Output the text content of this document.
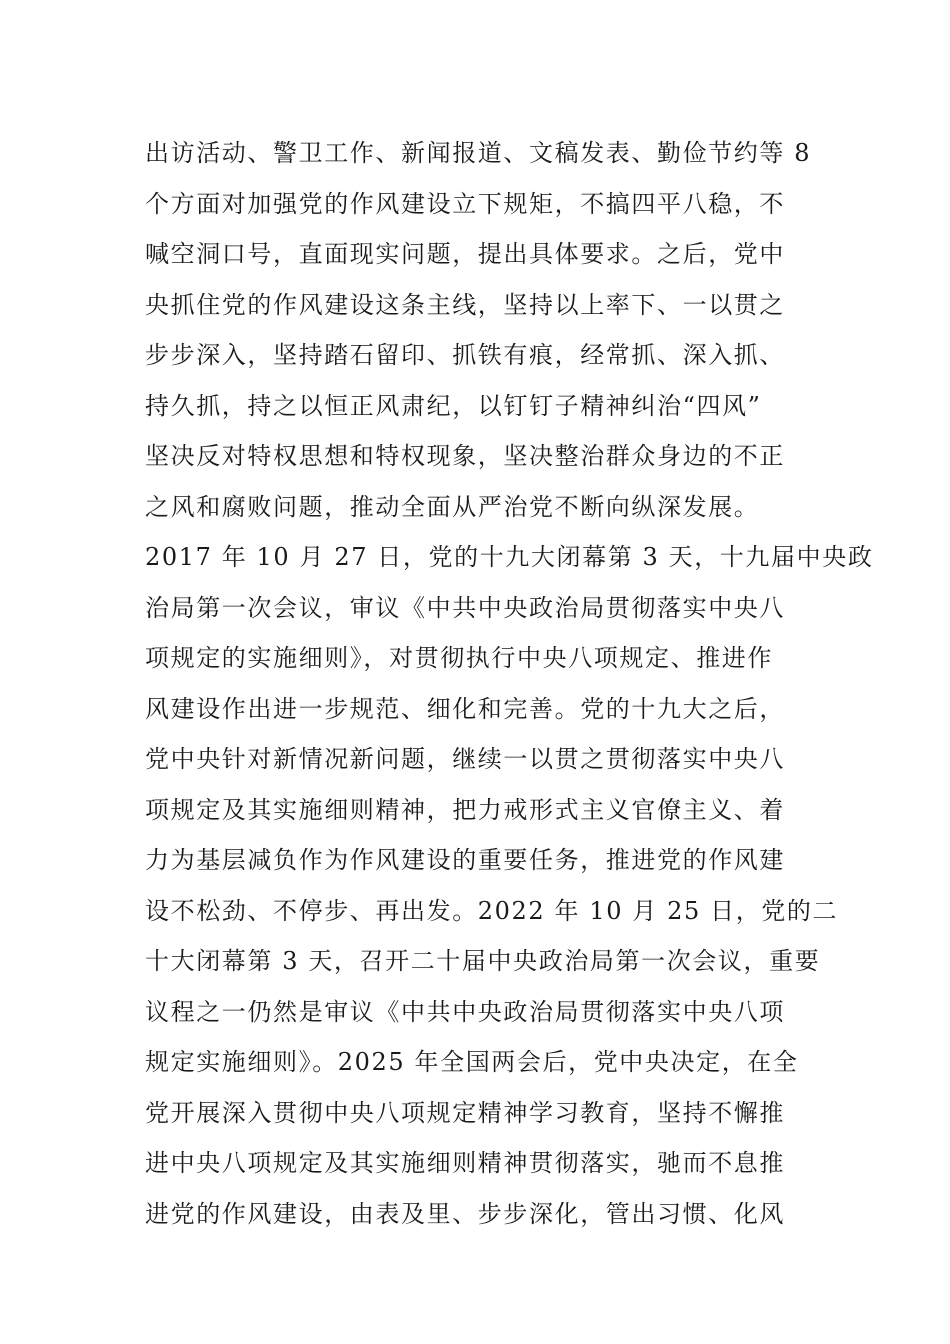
出访活动、警卫工作、新闻报道、文稿发表、勤俭节约等 8
个方面对加强党的作风建设立下规矩，不搞四平八稳，不
喊空洞口号，直面现实问题，提出具体要求。之后，党中
央抓住党的作风建设这条主线，坚持以上率下、一以贯之
步步深入，坚持踏石留印、抓铁有痕，经常抓、深入抓、
持久抓，持之以恒正风肃纪，以钉钉子精神纠治“四风”
坚决反对特权思想和特权现象，坚决整治群众身边的不正
之风和腐败问题，推动全面从严治党不断向纵深发展。
2017 年 10 月 27 日，党的十九大闭幕第 3 天，十九届中央政
治局第一次会议，审议《中共中央政治局贯彻落实中央八
项规定的实施细则》，对贯彻执行中央八项规定、推进作
风建设作出进一步规范、细化和完善。党的十九大之后，
党中央针对新情况新问题，继续一以贯之贯彻落实中央八
项规定及其实施细则精神，把力戒形式主义官僚主义、着
力为基层减负作为作风建设的重要任务，推进党的作风建
设不松劲、不停步、再出发。2022 年 10 月 25 日，党的二
十大闭幕第 3 天，召开二十届中央政治局第一次会议，重要
议程之一仍然是审议《中共中央政治局贯彻落实中央八项
规定实施细则》。2025 年全国两会后，党中央决定，在全
党开展深入贯彻中央八项规定精神学习教育，坚持不懈推
进中央八项规定及其实施细则精神贯彻落实，驰而不息推
进党的作风建设，由表及里、步步深化，管出习惯、化风
